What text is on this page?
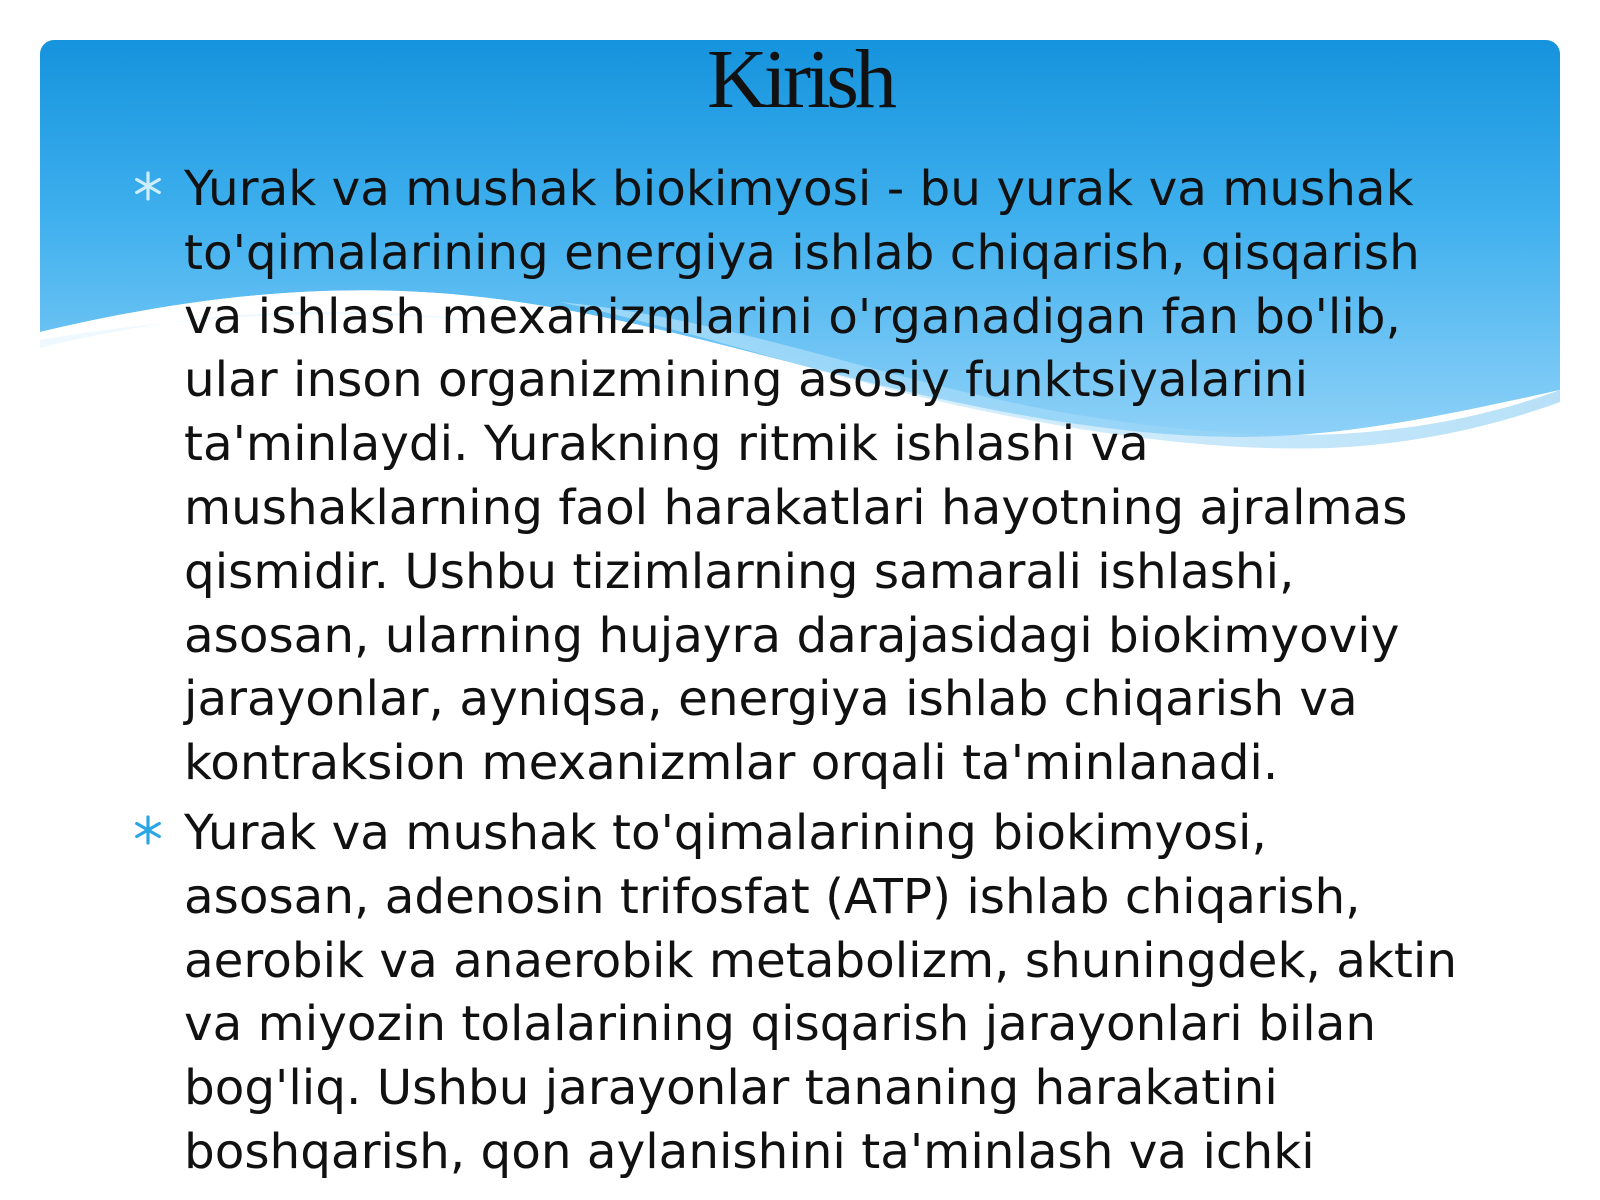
Kirish
Yurak va mushak biokimyosi - bu yurak va mushak to'qimalarining energiya ishlab chiqarish, qisqarish va ishlash mexanizmlarini o'rganadigan fan bo'lib, ular inson organizmining asosiy funktsiyalarini ta'minlaydi. Yurakning ritmik ishlashi va mushaklarning faol harakatlari hayotning ajralmas qismidir. Ushbu tizimlarning samarali ishlashi, asosan, ularning hujayra darajasidagi biokimyoviy jarayonlar, ayniqsa, energiya ishlab chiqarish va kontraksion mexanizmlar orqali ta'minlanadi.
Yurak va mushak to'qimalarining biokimyosi, asosan, adenosin trifosfat (ATP) ishlab chiqarish, aerobik va anaerobik metabolizm, shuningdek, aktin va miyozin tolalarining qisqarish jarayonlari bilan bog'liq. Ushbu jarayonlar tananing harakatini boshqarish, qon aylanishini ta'minlash va ichki
